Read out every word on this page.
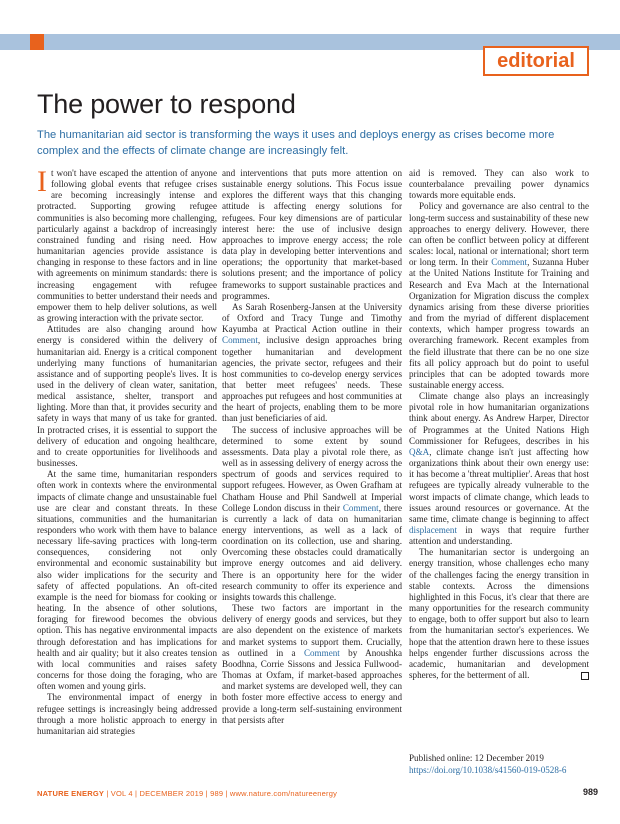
editorial
The power to respond

The humanitarian aid sector is transforming the ways it uses and deploys energy as crises become more complex and the effects of climate change are increasingly felt.

It won't have escaped the attention of anyone following global events that refugee crises are becoming increasingly intense and protracted. Supporting growing refugee communities is also becoming more challenging, particularly against a backdrop of increasingly constrained funding and rising need. How humanitarian agencies provide assistance is changing in response to these factors and in line with agreements on minimum standards: there is increasing engagement with refugee communities to better understand their needs and empower them to help deliver solutions, as well as growing interaction with the private sector.

Attitudes are also changing around how energy is considered within the delivery of humanitarian aid. Energy is a critical component underlying many functions of humanitarian assistance and of supporting people's lives. It is used in the delivery of clean water, sanitation, medical assistance, shelter, transport and lighting. More than that, it provides security and safety in ways that many of us take for granted. In protracted crises, it is essential to support the delivery of education and ongoing healthcare, and to create opportunities for livelihoods and businesses.

At the same time, humanitarian responders often work in contexts where the environmental impacts of climate change and unsustainable fuel use are clear and constant threats. In these situations, communities and the humanitarian responders who work with them have to balance necessary life-saving practices with long-term consequences, considering not only environmental and economic sustainability but also wider implications for the security and safety of affected populations. An oft-cited example is the need for biomass for cooking or heating. In the absence of other solutions, foraging for firewood becomes the obvious option. This has negative environmental impacts through deforestation and has implications for health and air quality; but it also creates tension with local communities and raises safety concerns for those doing the foraging, who are often women and young girls.

The environmental impact of energy in refugee settings is increasingly being addressed through a more holistic approach to energy in humanitarian aid strategies

and interventions that puts more attention on sustainable energy solutions. This Focus issue explores the different ways that this changing attitude is affecting energy solutions for refugees. Four key dimensions are of particular interest here: the use of inclusive design approaches to improve energy access; the role data play in developing better interventions and operations; the opportunity that market-based solutions present; and the importance of policy frameworks to support sustainable practices and programmes.

As Sarah Rosenberg-Jansen at the University of Oxford and Tracy Tunge and Timothy Kayumba at Practical Action outline in their Comment, inclusive design approaches bring together humanitarian and development agencies, the private sector, refugees and their host communities to co-develop energy services that better meet refugees' needs. These approaches put refugees and host communities at the heart of projects, enabling them to be more than just beneficiaries of aid.

The success of inclusive approaches will be determined to some extent by sound assessments. Data play a pivotal role there, as well as in assessing delivery of energy across the spectrum of goods and services required to support refugees. However, as Owen Grafham at Chatham House and Phil Sandwell at Imperial College London discuss in their Comment, there is currently a lack of data on humanitarian energy interventions, as well as a lack of coordination on its collection, use and sharing. Overcoming these obstacles could dramatically improve energy outcomes and aid delivery. There is an opportunity here for the wider research community to offer its experience and insights towards this challenge.

These two factors are important in the delivery of energy goods and services, but they are also dependent on the existence of markets and market systems to support them. Crucially, as outlined in a Comment by Anoushka Boodhna, Corrie Sissons and Jessica Fullwood-Thomas at Oxfam, if market-based approaches and market systems are developed well, they can both foster more effective access to energy and provide a long-term self-sustaining environment that persists after

aid is removed. They can also work to counterbalance prevailing power dynamics towards more equitable ends.

Policy and governance are also central to the long-term success and sustainability of these new approaches to energy delivery. However, there can often be conflict between policy at different scales: local, national or international; short term or long term. In their Comment, Suzanna Huber at the United Nations Institute for Training and Research and Eva Mach at the International Organization for Migration discuss the complex dynamics arising from these diverse priorities and from the myriad of different displacement contexts, which hamper progress towards an overarching framework. Recent examples from the field illustrate that there can be no one size fits all policy approach but do point to useful principles that can be adopted towards more sustainable energy access.

Climate change also plays an increasingly pivotal role in how humanitarian organizations think about energy. As Andrew Harper, Director of Programmes at the United Nations High Commissioner for Refugees, describes in his Q&A, climate change isn't just affecting how organizations think about their own energy use: it has become a 'threat multiplier'. Areas that host refugees are typically already vulnerable to the worst impacts of climate change, which leads to issues around resources or governance. At the same time, climate change is beginning to affect displacement in ways that require further attention and understanding.

The humanitarian sector is undergoing an energy transition, whose challenges echo many of the challenges facing the energy transition in stable contexts. Across the dimensions highlighted in this Focus, it's clear that there are many opportunities for the research community to engage, both to offer support but also to learn from the humanitarian sector's experiences. We hope that the attention drawn here to these issues helps engender further discussions across the academic, humanitarian and development spheres, for the betterment of all.

Published online: 12 December 2019
https://doi.org/10.1038/s41560-019-0528-6
NATURE ENERGY | VOL 4 | DECEMBER 2019 | 989 | www.nature.com/natureenergy	989
